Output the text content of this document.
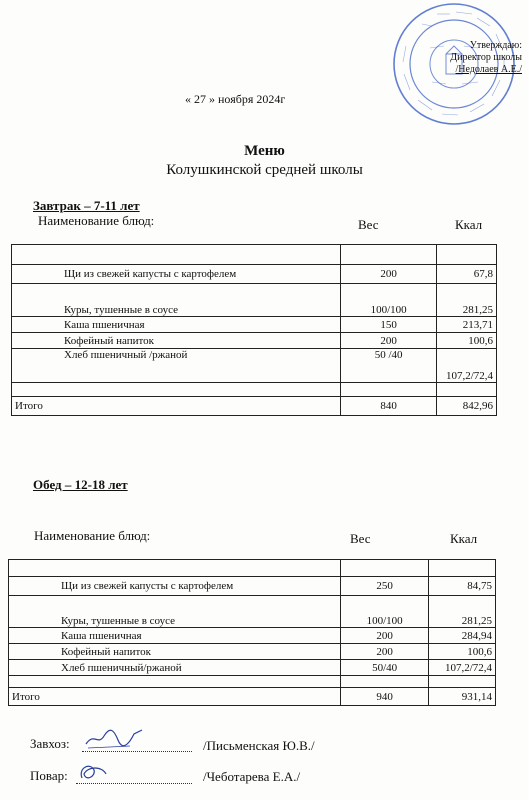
Утверждаю:
Директор школы
/Недолаев А.Е./
« 27 » ноября 2024г
Меню
Колушкинской средней школы
Завтрак – 7-11 лет
Наименование блюд:	Вес	Ккал

Щи из свежей капусты с картофелем	200	67,8
Куры, тушенные в соусе	100/100	281,25
Каша пшеничная	150	213,71
Кофейный напиток	200	100,6
Хлеб пшеничный /ржаной	50 /40	107,2/72,4

Итого	840	842,96
Обед – 12-18 лет
Наименование блюд:	Вес	Ккал

Щи из свежей капусты с картофелем	250	84,75
Куры, тушенные в соусе	100/100	281,25
Каша пшеничная	200	284,94
Кофейный напиток	200	100,6
Хлеб пшеничный/ржаной	50/40	107,2/72,4

Итого	940	931,14
Завхоз:	/Письменская Ю.В./
Повар:	/Чеботарева Е.А./
